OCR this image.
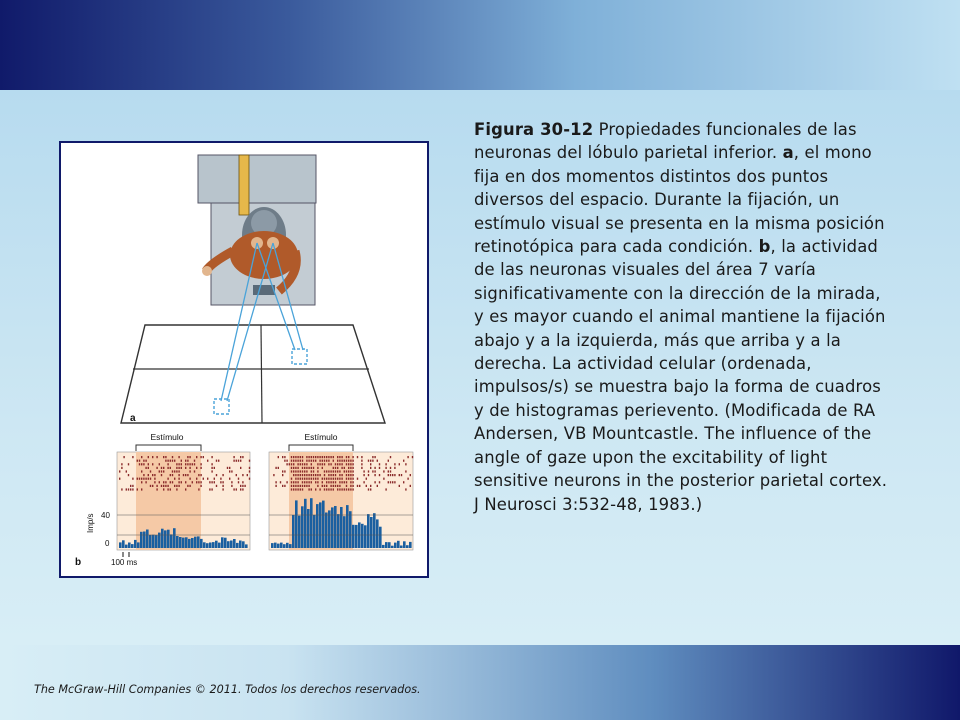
a
Estímulo	Estímulo
Imp/s 40
0
100 ms
b
Figura 30-12 Propiedades funcionales de las neuronas del lóbulo parietal inferior. a, el mono fija en dos momentos distintos dos puntos diversos del espacio. Durante la fijación, un estímulo visual se presenta en la misma posición retinotópica para cada condición. b, la actividad de las neuronas visuales del área 7 varía significativamente con la dirección de la mirada, y es mayor cuando el animal mantiene la fijación abajo y a la izquierda, más que arriba y a la derecha. La actividad celular (ordenada, impulsos/s) se muestra bajo la forma de cuadros y de histogramas perievento. (Modificada de RA Andersen, VB Mountcastle. The influence of the angle of gaze upon the excitability of light sensitive neurons in the posterior parietal cortex. J Neurosci 3:532-48, 1983.)
The McGraw-Hill Companies © 2011. Todos los derechos reservados.
